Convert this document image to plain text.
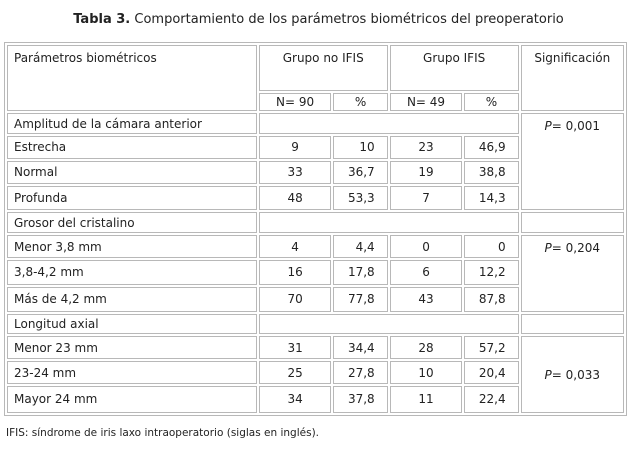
Tabla 3. Comportamiento de los parámetros biométricos del preoperatorio
Parámetros biométricos	Grupo no IFIS		Grupo IFIS		Significación
	N= 90	%	N= 49	%	
Amplitud de la cámara anterior					P= 0,001
Estrecha	9	10	23	46,9	
Normal	33	36,7	19	38,8	
Profunda	48	53,3	7	14,3	
Grosor del cristalino					
Menor 3,8 mm	4	4,4	0	0	P= 0,204
3,8-4,2 mm	16	17,8	6	12,2	
Más de 4,2 mm	70	77,8	43	87,8	
Longitud axial					
Menor 23 mm	31	34,4	28	57,2	P= 0,033
23-24 mm	25	27,8	10	20,4	
Mayor 24 mm	34	37,8	11	22,4	
IFIS: síndrome de iris laxo intraoperatorio (siglas en inglés).
